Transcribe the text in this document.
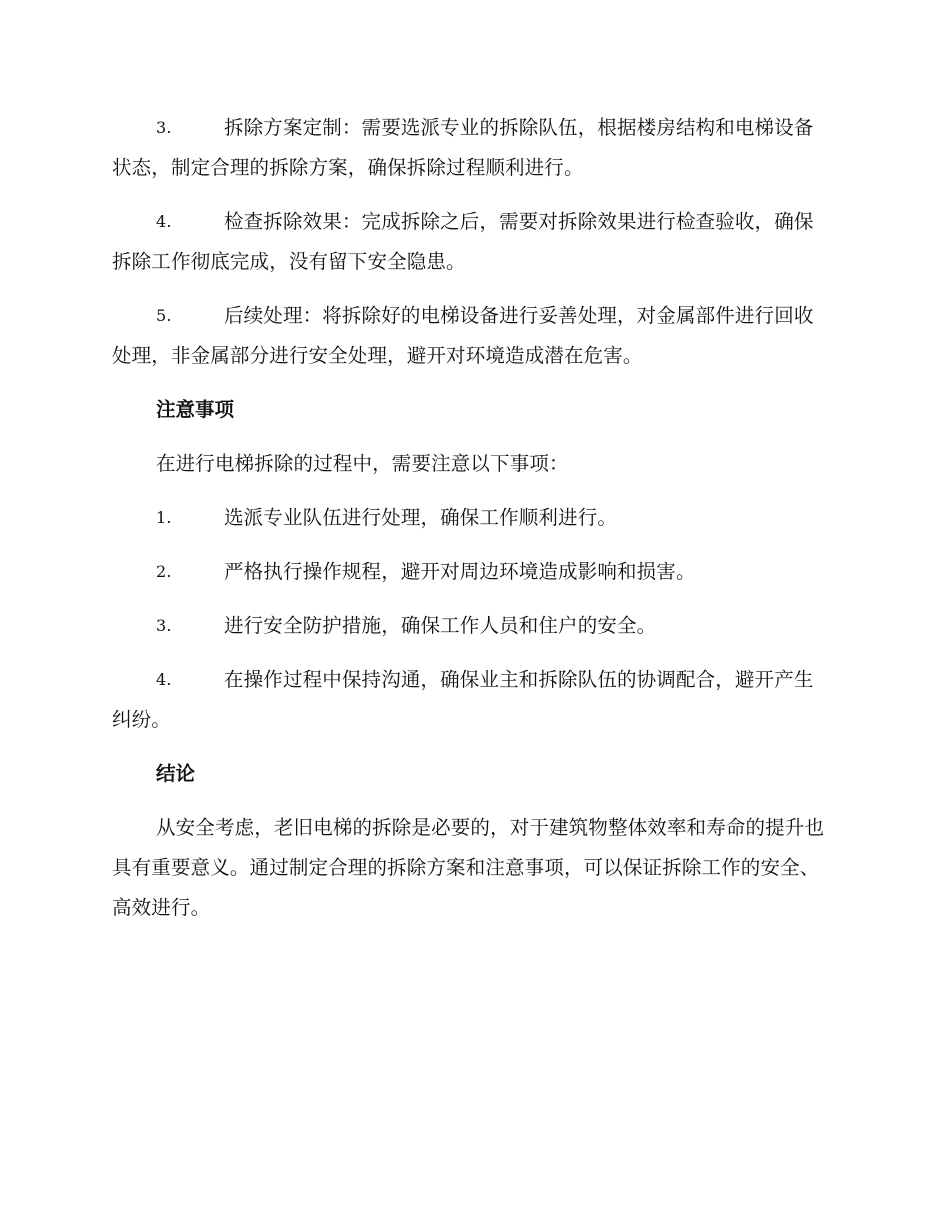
3.	拆除方案定制：需要选派专业的拆除队伍，根据楼房结构和电梯设备状态，制定合理的拆除方案，确保拆除过程顺利进行。

4.	检查拆除效果：完成拆除之后，需要对拆除效果进行检查验收，确保拆除工作彻底完成，没有留下安全隐患。

5.	后续处理：将拆除好的电梯设备进行妥善处理，对金属部件进行回收处理，非金属部分进行安全处理，避开对环境造成潜在危害。

注意事项

在进行电梯拆除的过程中，需要注意以下事项：

1.	选派专业队伍进行处理，确保工作顺利进行。

2.	严格执行操作规程，避开对周边环境造成影响和损害。

3.	进行安全防护措施，确保工作人员和住户的安全。

4.	在操作过程中保持沟通，确保业主和拆除队伍的协调配合，避开产生纠纷。

结论

从安全考虑，老旧电梯的拆除是必要的，对于建筑物整体效率和寿命的提升也具有重要意义。通过制定合理的拆除方案和注意事项，可以保证拆除工作的安全、高效进行。
